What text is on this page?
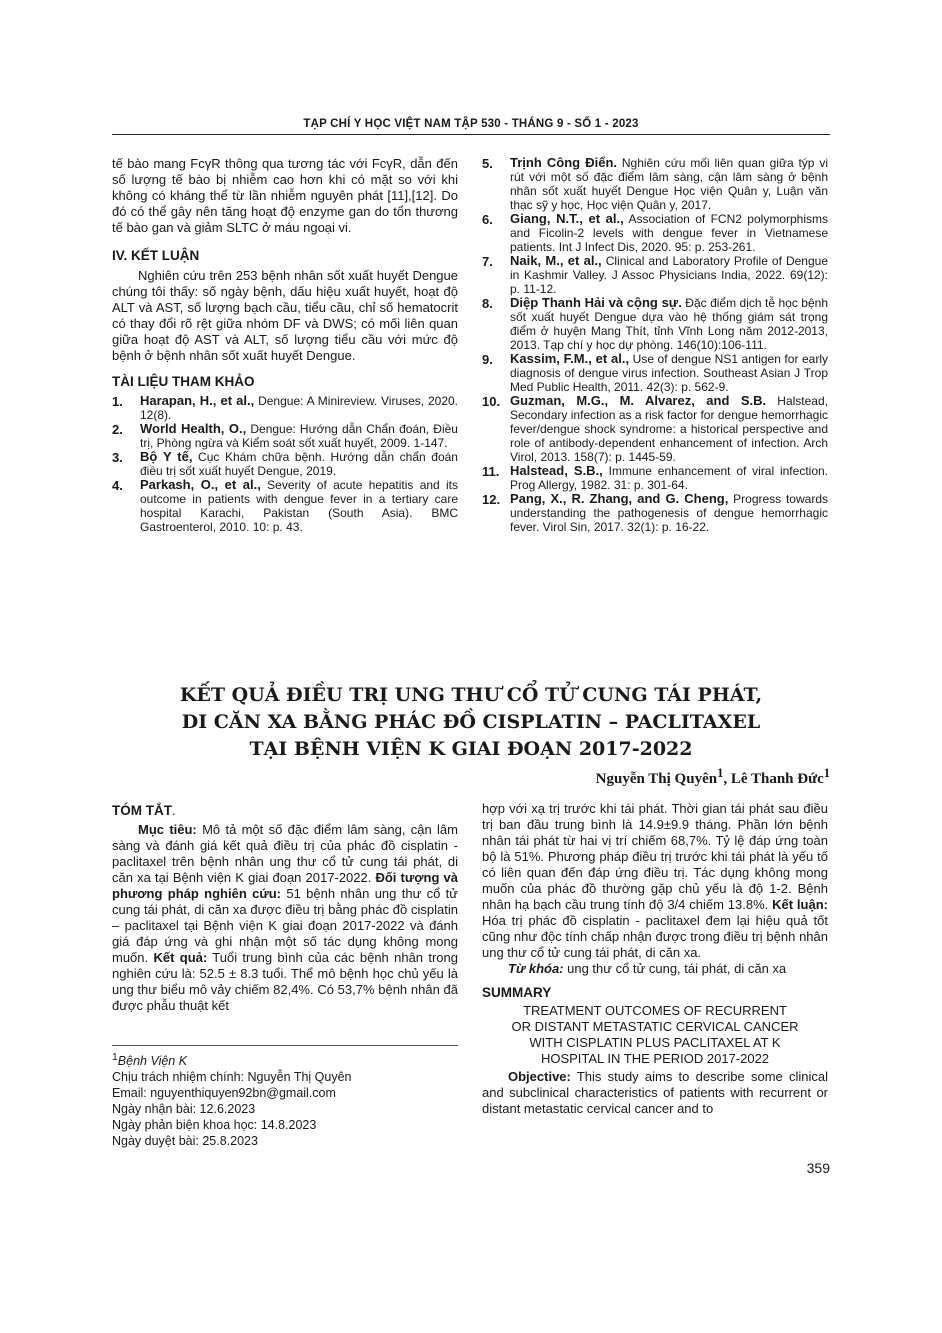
TẠP CHÍ Y HỌC VIỆT NAM TẬP 530 - THÁNG 9 - SỐ 1 - 2023

tế bào mang FcγR thông qua tương tác với FcγR, dẫn đến số lượng tế bào bị nhiễm cao hơn khi có mặt so với khi không có kháng thể từ lần nhiễm nguyên phát [11],[12]. Do đó có thể gây nên tăng hoạt độ enzyme gan do tổn thương tế bào gan và giảm SLTC ở máu ngoại vi.

IV. KẾT LUẬN

Nghiên cứu trên 253 bệnh nhân sốt xuất huyết Dengue chúng tôi thấy: số ngày bệnh, dấu hiệu xuất huyết, hoạt độ ALT và AST, số lượng bạch cầu, tiểu cầu, chỉ số hematocrit có thay đổi rõ rệt giữa nhóm DF và DWS; có mối liên quan giữa hoạt độ AST và ALT, số lượng tiểu cầu với mức độ bệnh ở bệnh nhân sốt xuất huyết Dengue.

TÀI LIỆU THAM KHẢO
1.	Harapan, H., et al., Dengue: A Minireview. Viruses, 2020. 12(8).
2.	World Health, O., Dengue: Hướng dẫn Chẩn đoán, Điều trị, Phòng ngừa và Kiểm soát sốt xuất huyết, 2009. 1-147.
3.	Bộ Y tế, Cục Khám chữa bệnh. Hướng dẫn chẩn đoán điều trị sốt xuất huyết Dengue, 2019.
4.	Parkash, O., et al., Severity of acute hepatitis and its outcome in patients with dengue fever in a tertiary care hospital Karachi, Pakistan (South Asia). BMC Gastroenterol, 2010. 10: p. 43.
5.	Trịnh Công Điển. Nghiên cứu mối liên quan giữa týp vi rút với một số đặc điểm lâm sàng, cận lâm sàng ở bệnh nhân sốt xuất huyết Dengue Học viện Quân y, Luận văn thạc sỹ y học, Học viện Quân y, 2017.
6.	Giang, N.T., et al., Association of FCN2 polymorphisms and Ficolin-2 levels with dengue fever in Vietnamese patients. Int J Infect Dis, 2020. 95: p. 253-261.
7.	Naik, M., et al., Clinical and Laboratory Profile of Dengue in Kashmir Valley. J Assoc Physicians India, 2022. 69(12): p. 11-12.
8.	Diệp Thanh Hải và cộng sự. Đặc điểm dịch tễ học bệnh sốt xuất huyết Dengue dựa vào hệ thống giám sát trọng điểm ở huyện Mang Thít, tỉnh Vĩnh Long năm 2012-2013, 2013. Tạp chí y học dự phòng. 146(10):106-111.
9.	Kassim, F.M., et al., Use of dengue NS1 antigen for early diagnosis of dengue virus infection. Southeast Asian J Trop Med Public Health, 2011. 42(3): p. 562-9.
10. Guzman, M.G., M. Alvarez, and S.B. Halstead, Secondary infection as a risk factor for dengue hemorrhagic fever/dengue shock syndrome: a historical perspective and role of antibody-dependent enhancement of infection. Arch Virol, 2013. 158(7): p. 1445-59.
11. Halstead, S.B., Immune enhancement of viral infection. Prog Allergy, 1982. 31: p. 301-64.
12. Pang, X., R. Zhang, and G. Cheng, Progress towards understanding the pathogenesis of dengue hemorrhagic fever. Virol Sin, 2017. 32(1): p. 16-22.
KẾT QUẢ ĐIỀU TRỊ UNG THƯ CỔ TỬ CUNG TÁI PHÁT,
DI CĂN XA BẰNG PHÁC ĐỒ CISPLATIN – PACLITAXEL
TẠI BỆNH VIỆN K GIAI ĐOẠN 2017-2022
Nguyễn Thị Quyên$^1$, Lê Thanh Đức$^1$
TÓM TẮT.

Mục tiêu: Mô tả một số đặc điểm lâm sàng, cận lâm sàng và đánh giá kết quả điều trị của phác đồ cisplatin - paclitaxel trên bệnh nhân ung thư cổ tử cung tái phát, di căn xa tại Bệnh viện K giai đoạn 2017-2022. Đối tượng và phương pháp nghiên cứu: 51 bệnh nhân ung thư cổ tử cung tái phát, di căn xa được điều trị bằng phác đồ cisplatin – paclitaxel tại Bệnh viện K giai đoạn 2017-2022 và đánh giá đáp ứng và ghi nhận một số tác dụng không mong muốn. Kết quả: Tuổi trung bình của các bệnh nhân trong nghiên cứu là: 52.5 ± 8.3 tuổi. Thể mô bệnh học chủ yếu là ung thư biểu mô vảy chiếm 82,4%. Có 53,7% bệnh nhân đã được phẫu thuật kết

hợp với xạ trị trước khi tái phát. Thời gian tái phát sau điều trị ban đầu trung bình là 14.9±9.9 tháng. Phần lớn bệnh nhân tái phát từ hai vị trí chiếm 68,7%. Tỷ lệ đáp ứng toàn bộ là 51%. Phương pháp điều trị trước khi tái phát là yếu tố có liên quan đến đáp ứng điều trị. Tác dụng không mong muốn của phác đồ thường gặp chủ yếu là độ 1-2. Bệnh nhân hạ bạch cầu trung tính độ 3/4 chiếm 13.8%. Kết luận: Hóa trị phác đồ cisplatin - paclitaxel đem lại hiệu quả tốt cũng như độc tính chấp nhận được trong điều trị bệnh nhân ung thư cổ tử cung tái phát, di căn xa.

Từ khóa: ung thư cổ tử cung, tái phát, di căn xa

SUMMARY
TREATMENT OUTCOMES OF RECURRENT
OR DISTANT METASTATIC CERVICAL CANCER
WITH CISPLATIN PLUS PACLITAXEL AT K
HOSPITAL IN THE PERIOD 2017-2022

Objective: This study aims to describe some clinical and subclinical characteristics of patients with recurrent or distant metastatic cervical cancer and to

$^1$Bệnh Viện K
Chịu trách nhiệm chính: Nguyễn Thị Quyên
Email: nguyenthiquyen92bn@gmail.com
Ngày nhận bài: 12.6.2023
Ngày phản biện khoa học: 14.8.2023
Ngày duyệt bài: 25.8.2023
359
